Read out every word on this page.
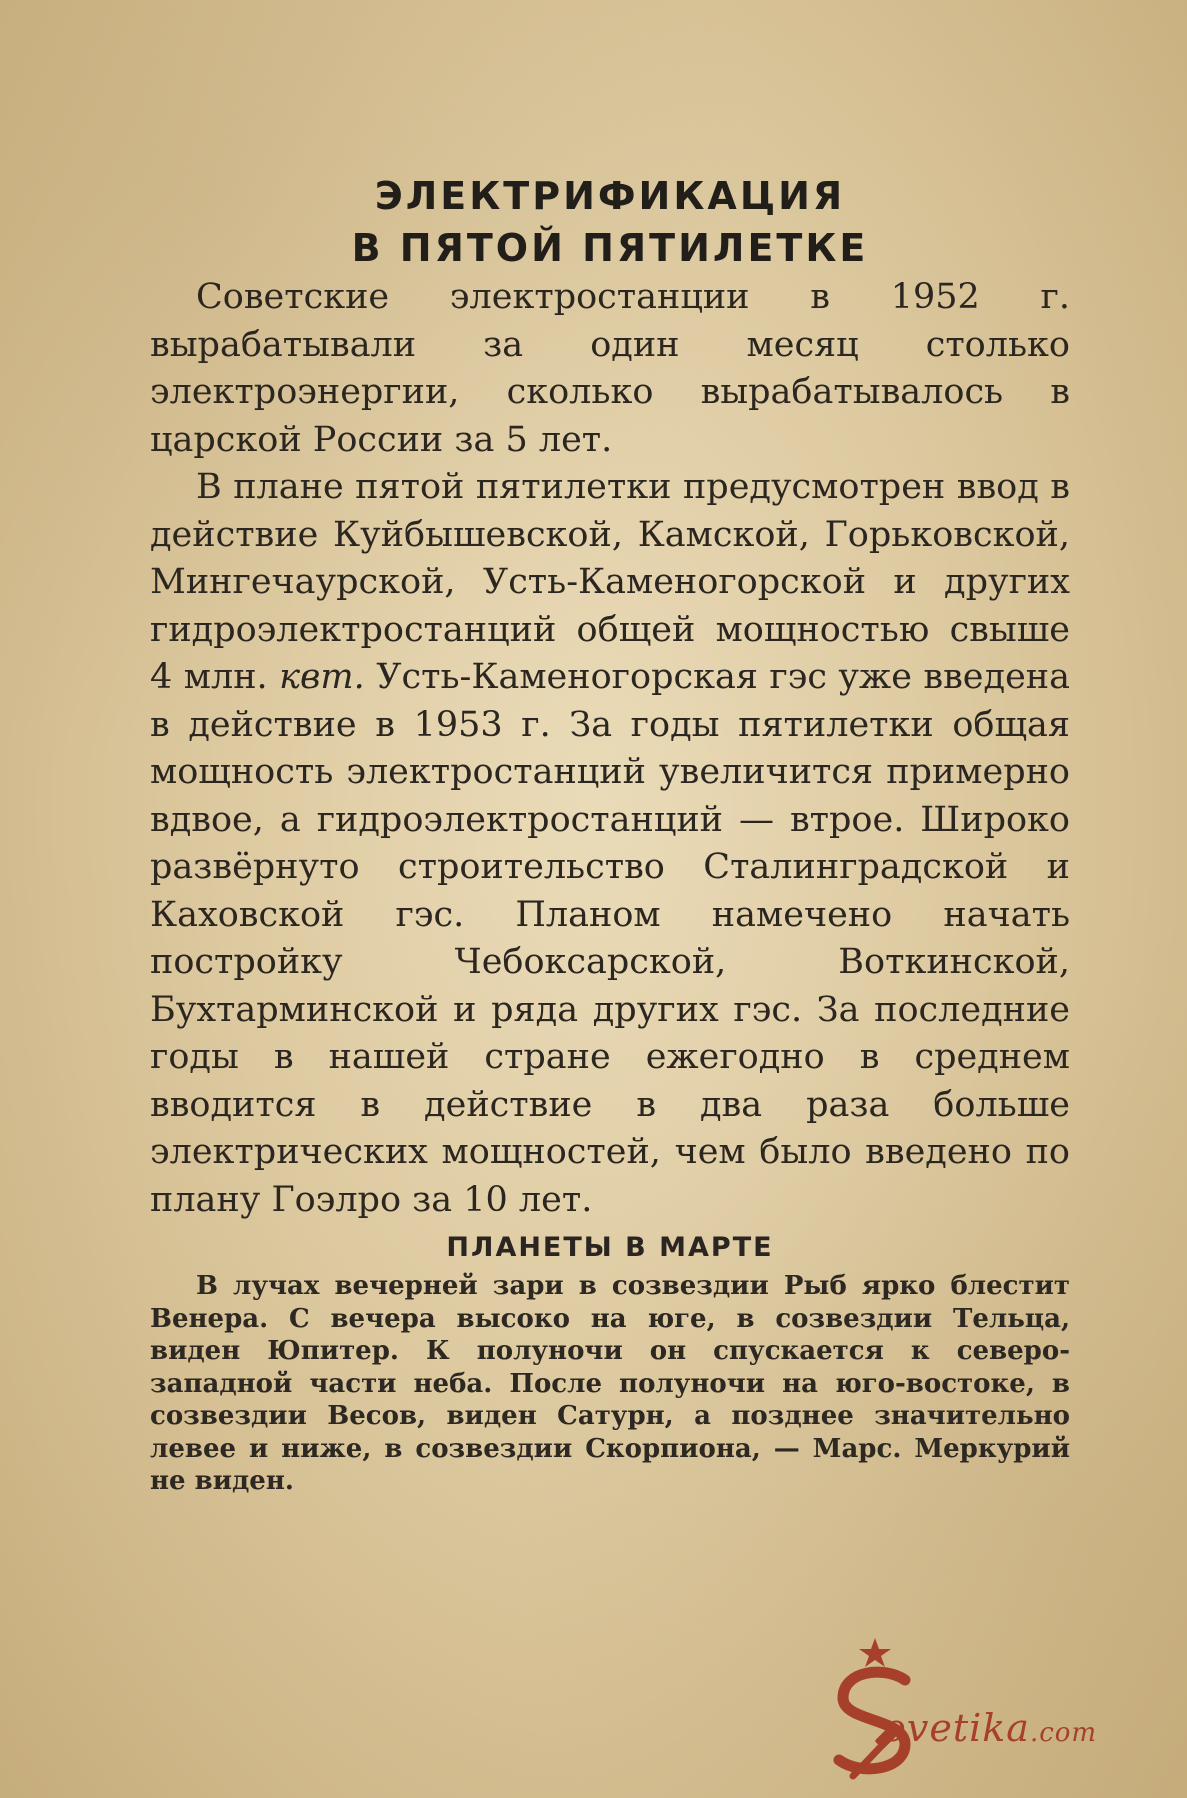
ЭЛЕКТРИФИКАЦИЯ
В ПЯТОЙ ПЯТИЛЕТКЕ

Советские электростанции в 1952 г. вырабатывали за один месяц столько электроэнергии, сколько вырабатывалось в царской России за 5 лет.

В плане пятой пятилетки предусмотрен ввод в действие Куйбышевской, Камской, Горьковской, Мингечаурской, Усть-Каменогорской и других гидроэлектростанций общей мощностью свыше 4 млн. квт. Усть-Каменогорская гэс уже введена в действие в 1953 г. За годы пятилетки общая мощность электростанций увеличится примерно вдвое, а гидроэлектростанций — втрое. Широко развёрнуто строительство Сталинградской и Каховской гэс. Планом намечено начать постройку Чебоксарской, Воткинской, Бухтарминской и ряда других гэс. За последние годы в нашей стране ежегодно в среднем вводится в действие в два раза больше электрических мощностей, чем было введено по плану Гоэлро за 10 лет.

ПЛАНЕТЫ В МАРТЕ

В лучах вечерней зари в созвездии Рыб ярко блестит Венера. С вечера высоко на юге, в созвездии Тельца, виден Юпитер. К полуночи он спускается к северо-западной части неба. После полуночи на юго-востоке, в созвездии Весов, виден Сатурн, а позднее значительно левее и ниже, в созвездии Скорпиона, — Марс. Меркурий не виден.

ovetika.com
